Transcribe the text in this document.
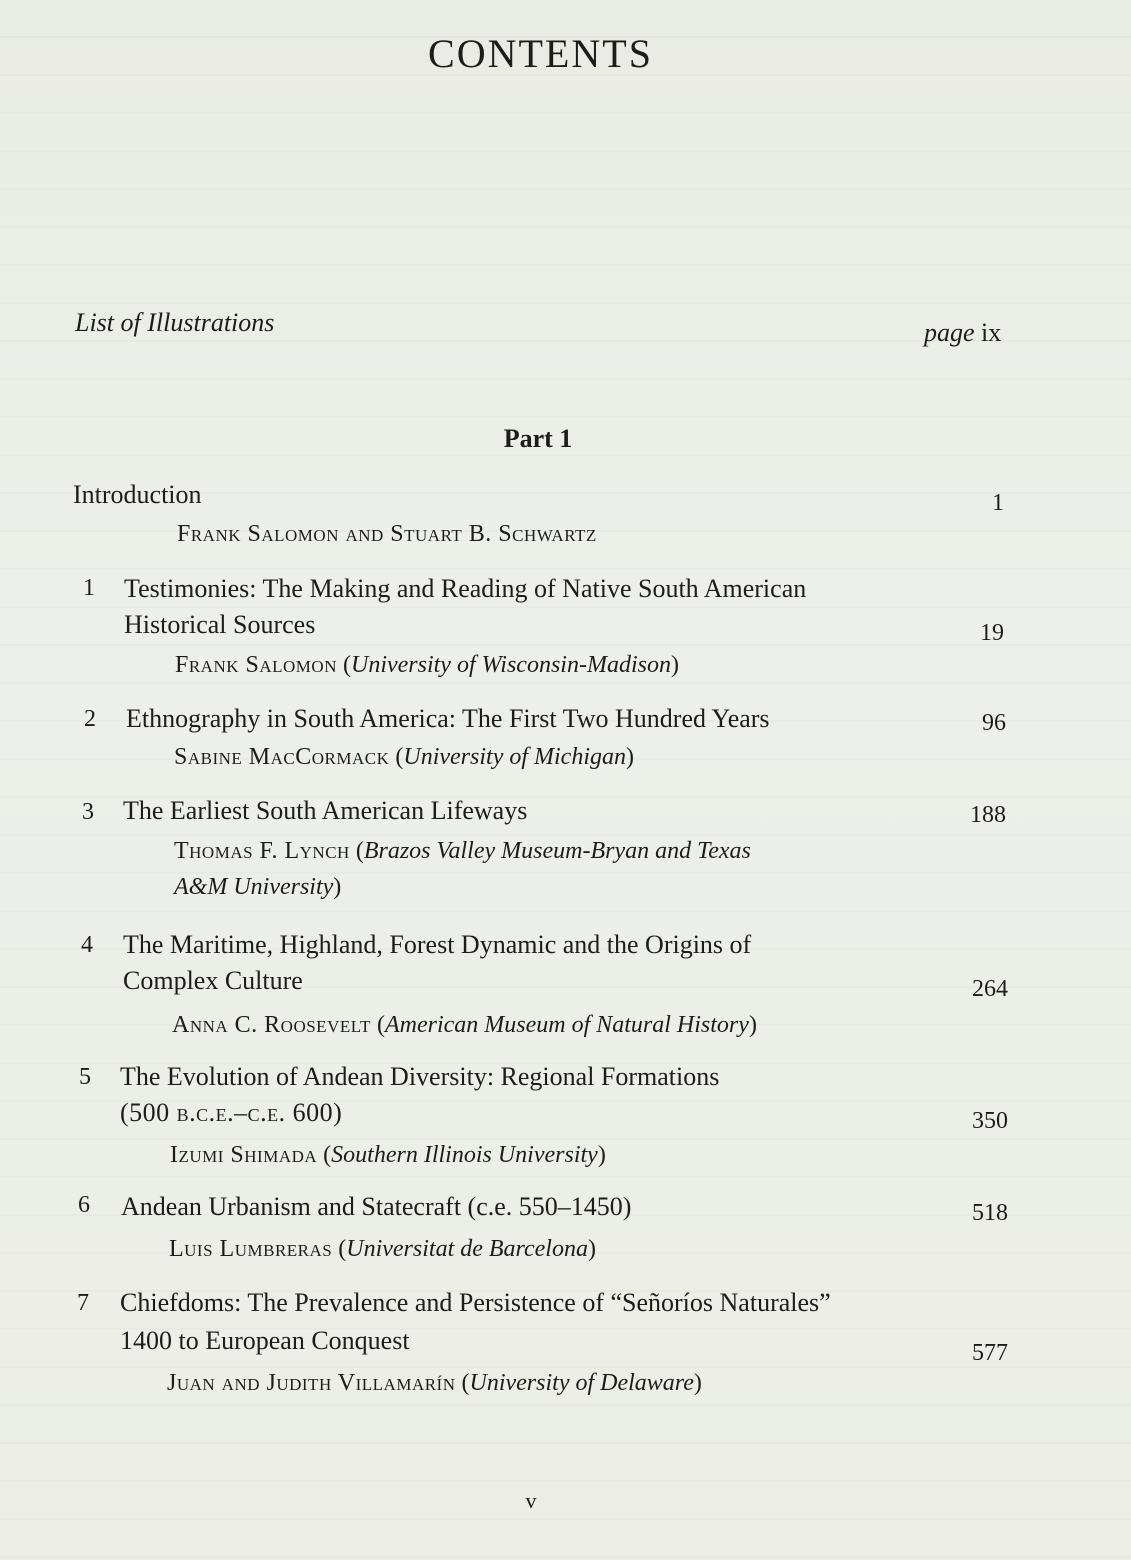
CONTENTS
List of Illustrations	page ix
Part 1
Introduction
Frank Salomon and Stuart B. Schwartz
1
1 Testimonies: The Making and Reading of Native South American
Historical Sources
Frank Salomon (University of Wisconsin-Madison)
19
2 Ethnography in South America: The First Two Hundred Years
Sabine MacCormack (University of Michigan)
96
3 The Earliest South American Lifeways
Thomas F. Lynch (Brazos Valley Museum-Bryan and Texas
A&M University)
188
4 The Maritime, Highland, Forest Dynamic and the Origins of
Complex Culture
Anna C. Roosevelt (American Museum of Natural History)
264
5 The Evolution of Andean Diversity: Regional Formations
(500 b.c.e.–c.e. 600)
Izumi Shimada (Southern Illinois University)
350
6 Andean Urbanism and Statecraft (c.e. 550–1450)
Luis Lumbreras (Universitat de Barcelona)
518
7 Chiefdoms: The Prevalence and Persistence of “Señoríos Naturales”
1400 to European Conquest
Juan and Judith Villamarín (University of Delaware)
577
v
